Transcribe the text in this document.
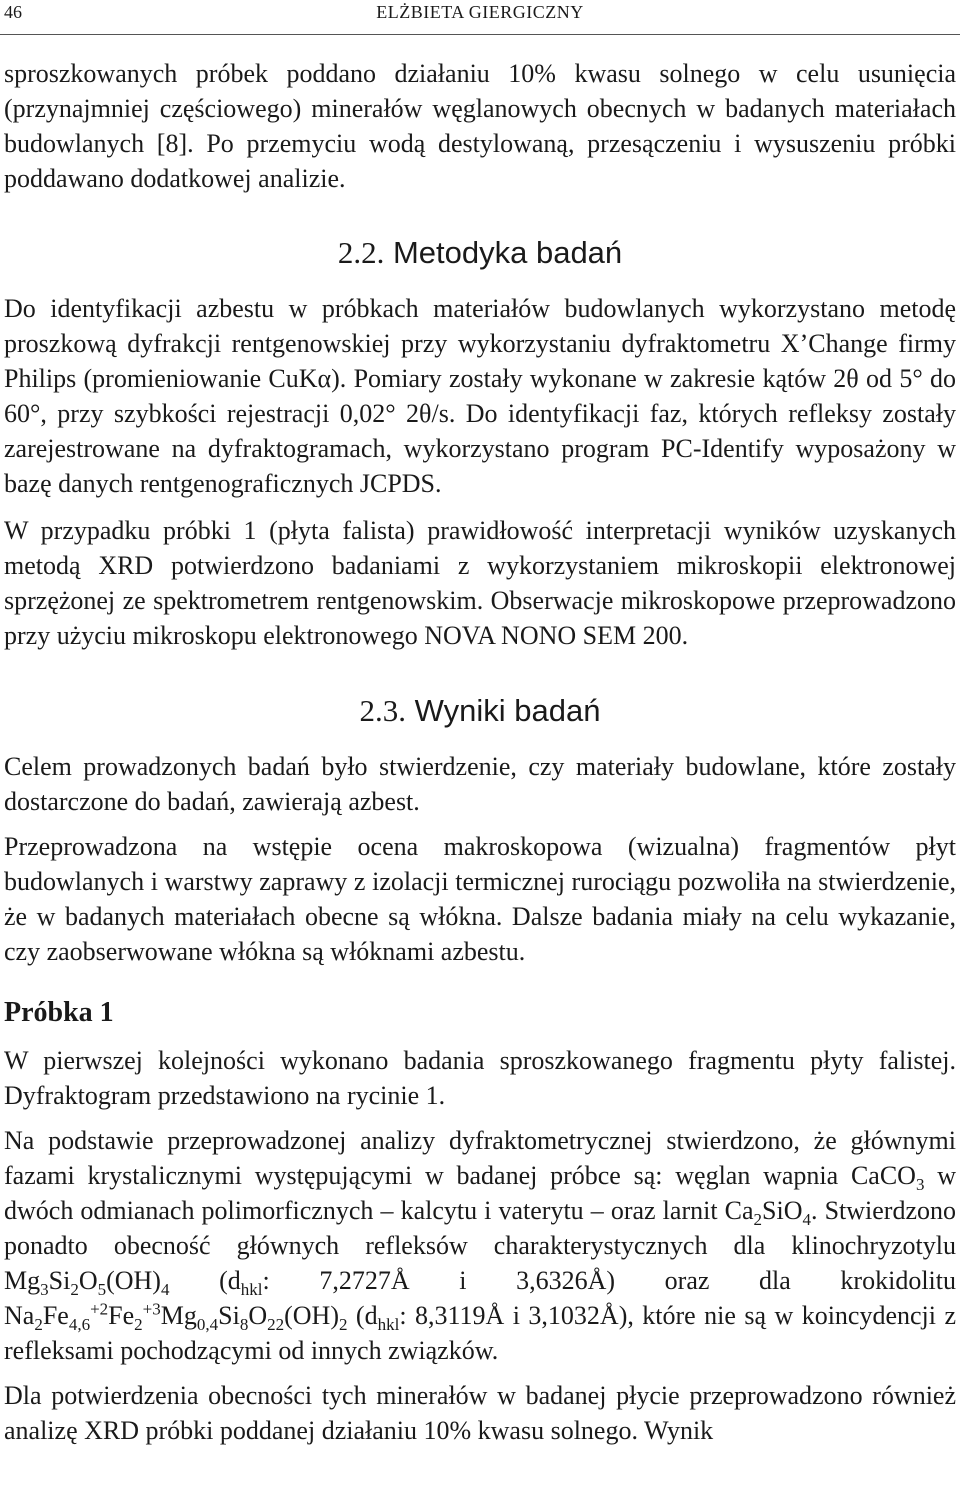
46	ELŻBIETA GIERGICZNY

sproszkowanych próbek poddano działaniu 10% kwasu solnego w celu usunięcia (przynajmniej częściowego) minerałów węglanowych obecnych w badanych materiałach budowlanych [8]. Po przemyciu wodą destylowaną, przesączeniu i wysuszeniu próbki poddawano dodatkowej analizie.

2.2. Metodyka badań

Do identyfikacji azbestu w próbkach materiałów budowlanych wykorzystano metodę proszkową dyfrakcji rentgenowskiej przy wykorzystaniu dyfraktometru X’Change firmy Philips (promieniowanie CuKα). Pomiary zostały wykonane w zakresie kątów 2θ od 5° do 60°, przy szybkości rejestracji 0,02° 2θ/s. Do identyfikacji faz, których refleksy zostały zarejestrowane na dyfraktogramach, wykorzystano program PC-Identify wyposażony w bazę danych rentgenograficznych JCPDS.

W przypadku próbki 1 (płyta falista) prawidłowość interpretacji wyników uzyskanych metodą XRD potwierdzono badaniami z wykorzystaniem mikroskopii elektronowej sprzężonej ze spektrometrem rentgenowskim. Obserwacje mikroskopowe przeprowadzono przy użyciu mikroskopu elektronowego NOVA NONO SEM 200.

2.3. Wyniki badań

Celem prowadzonych badań było stwierdzenie, czy materiały budowlane, które zostały dostarczone do badań, zawierają azbest.

Przeprowadzona na wstępie ocena makroskopowa (wizualna) fragmentów płyt budowlanych i warstwy zaprawy z izolacji termicznej rurociągu pozwoliła na stwierdzenie, że w badanych materiałach obecne są włókna. Dalsze badania miały na celu wykazanie, czy zaobserwowane włókna są włóknami azbestu.

Próbka 1

W pierwszej kolejności wykonano badania sproszkowanego fragmentu płyty falistej. Dyfraktogram przedstawiono na rycinie 1.

Na podstawie przeprowadzonej analizy dyfraktometrycznej stwierdzono, że głównymi fazami krystalicznymi występującymi w badanej próbce są: węglan wapnia CaCO$_3$ w dwóch odmianach polimorficznych – kalcytu i vaterytu – oraz larnit $Ca_2SiO_4$. Stwierdzono ponadto obecność głównych refleksów charakterystycznych dla klinochryzotylu $Mg_3Si_2O_5(OH)_4$ ($d_{hkl}$: 7,2727Å i 3,6326Å) oraz dla krokidolitu $Na_2Fe_{4,6}^{+2}Fe_2^{+3}Mg_{0,4}Si_8O_{22}(OH)_2$ ($d_{hkl}$: 8,3119Å i 3,1032Å), które nie są w koincydencji z refleksami pochodzącymi od innych związków.

Dla potwierdzenia obecności tych minerałów w badanej płycie przeprowadzono również analizę XRD próbki poddanej działaniu 10% kwasu solnego. Wynik
